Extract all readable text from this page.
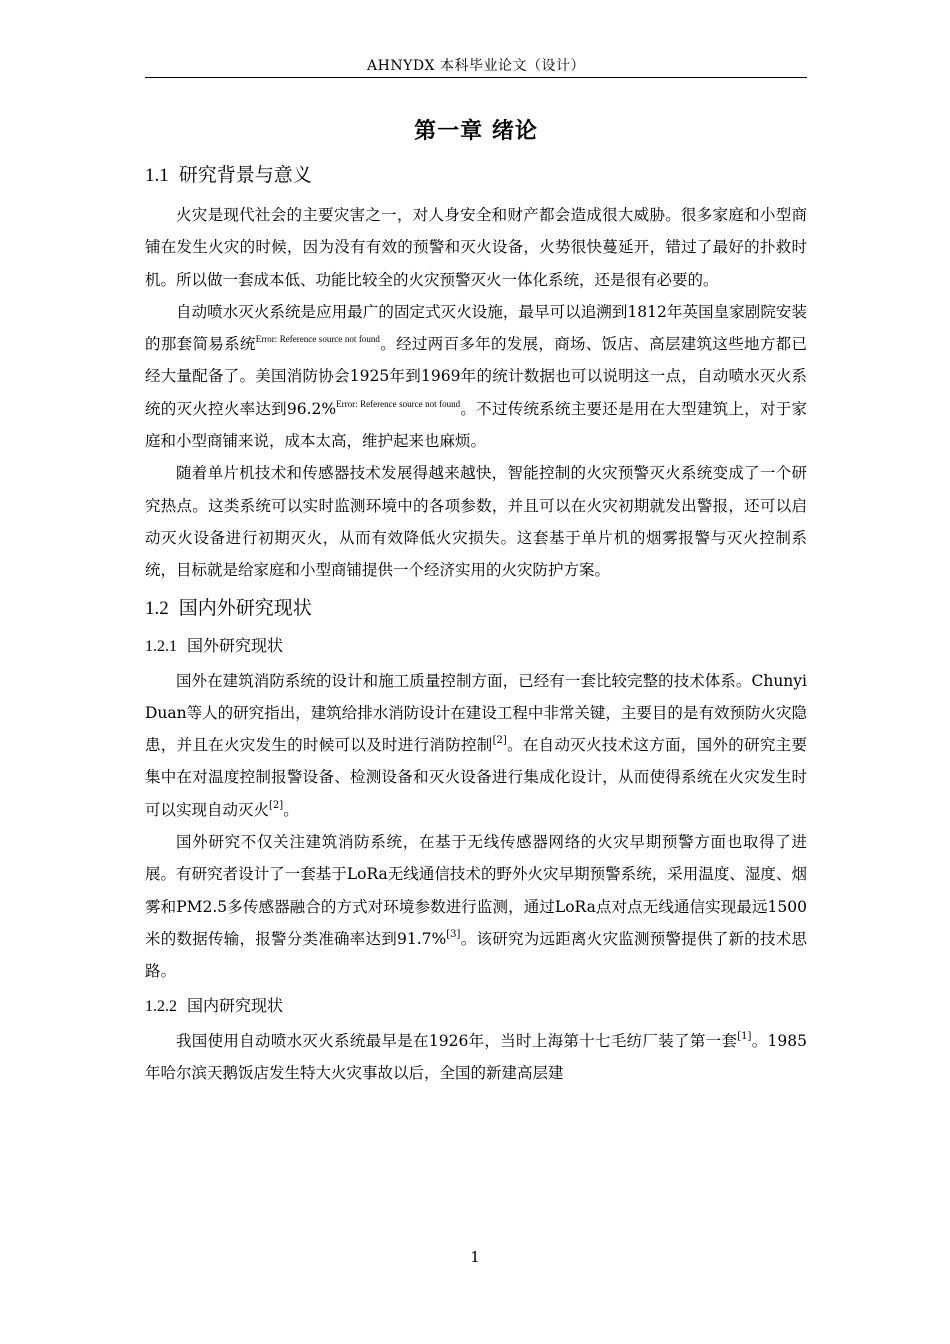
AHNYDX 本科毕业论文（设计）
第一章 绪论
1.1 研究背景与意义

火灾是现代社会的主要灾害之一，对人身安全和财产都会造成很大威胁。很多家庭和小型商铺在发生火灾的时候，因为没有有效的预警和灭火设备，火势很快蔓延开，错过了最好的扑救时机。所以做一套成本低、功能比较全的火灾预警灭火一体化系统，还是很有必要的。

自动喷水灭火系统是应用最广的固定式灭火设施，最早可以追溯到1812年英国皇家剧院安装的那套简易系统$^{Error: Reference source not found}$。经过两百多年的发展，商场、饭店、高层建筑这些地方都已经大量配备了。美国消防协会1925年到1969年的统计数据也可以说明这一点，自动喷水灭火系统的灭火控火率达到96.2%$^{Error: Reference source not found}$。不过传统系统主要还是用在大型建筑上，对于家庭和小型商铺来说，成本太高，维护起来也麻烦。

随着单片机技术和传感器技术发展得越来越快，智能控制的火灾预警灭火系统变成了一个研究热点。这类系统可以实时监测环境中的各项参数，并且可以在火灾初期就发出警报，还可以启动灭火设备进行初期灭火，从而有效降低火灾损失。这套基于单片机的烟雾报警与灭火控制系统，目标就是给家庭和小型商铺提供一个经济实用的火灾防护方案。

1.2 国内外研究现状
1.2.1 国外研究现状

国外在建筑消防系统的设计和施工质量控制方面，已经有一套比较完整的技术体系。Chunyi Duan等人的研究指出，建筑给排水消防设计在建设工程中非常关键，主要目的是有效预防火灾隐患，并且在火灾发生的时候可以及时进行消防控制[2]。在自动灭火技术这方面，国外的研究主要集中在对温度控制报警设备、检测设备和灭火设备进行集成化设计，从而使得系统在火灾发生时可以实现自动灭火[2]。

国外研究不仅关注建筑消防系统，在基于无线传感器网络的火灾早期预警方面也取得了进展。有研究者设计了一套基于LoRa无线通信技术的野外火灾早期预警系统，采用温度、湿度、烟雾和PM2.5多传感器融合的方式对环境参数进行监测，通过LoRa点对点无线通信实现最远1500米的数据传输，报警分类准确率达到91.7%[3]。该研究为远距离火灾监测预警提供了新的技术思路。

1.2.2 国内研究现状

我国使用自动喷水灭火系统最早是在1926年，当时上海第十七毛纺厂装了第一套[1]。1985年哈尔滨天鹅饭店发生特大火灾事故以后，全国的新建高层建

1
